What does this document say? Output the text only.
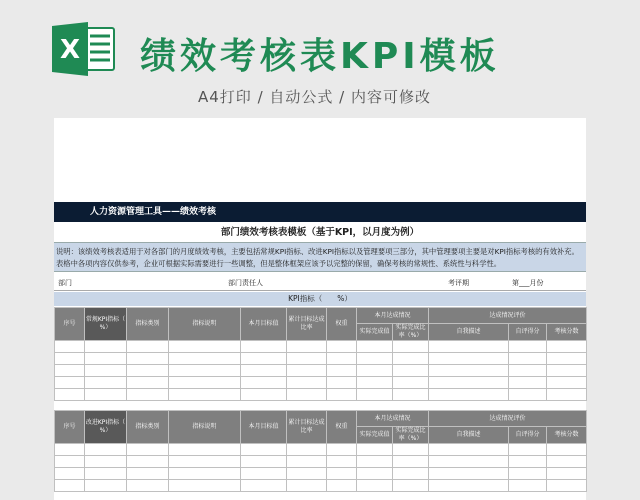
X 绩效考核表KPI模板
A4打印 / 自动公式 / 内容可修改
人力资源管理工具——绩效考核
部门绩效考核表模板（基于KPI，以月度为例）
说明：该绩效考核表适用于对各部门的月度绩效考核，主要包括常规KPI指标、改进KPI指标以及管理要项三部分，其中管理要项主要是对KPI指标考核的有效补充。表格中各项内容仅供参考，企业可根据实际需要进行一些调整，但是整体框架应该予以完整的保留，确保考核的常规性、系统性与科学性。
部门	部门责任人	考评期	第___月份
KPI指标（　　%）
序号	常规KPI指标（　%）	指标类别	指标说明	本月目标值	累计目标达成比率	权重	本月达成情况		达成情况评价		
							实际完成值	实际完成比率（%）	自我描述	自评得分	考核分数

序号	改进KPI指标（　%）	指标类别	指标说明	本月目标值	累计目标达成比率	权重	本月达成情况		达成情况评价		
							实际完成值	实际完成比率（%）	自我描述	自评得分	考核分数
